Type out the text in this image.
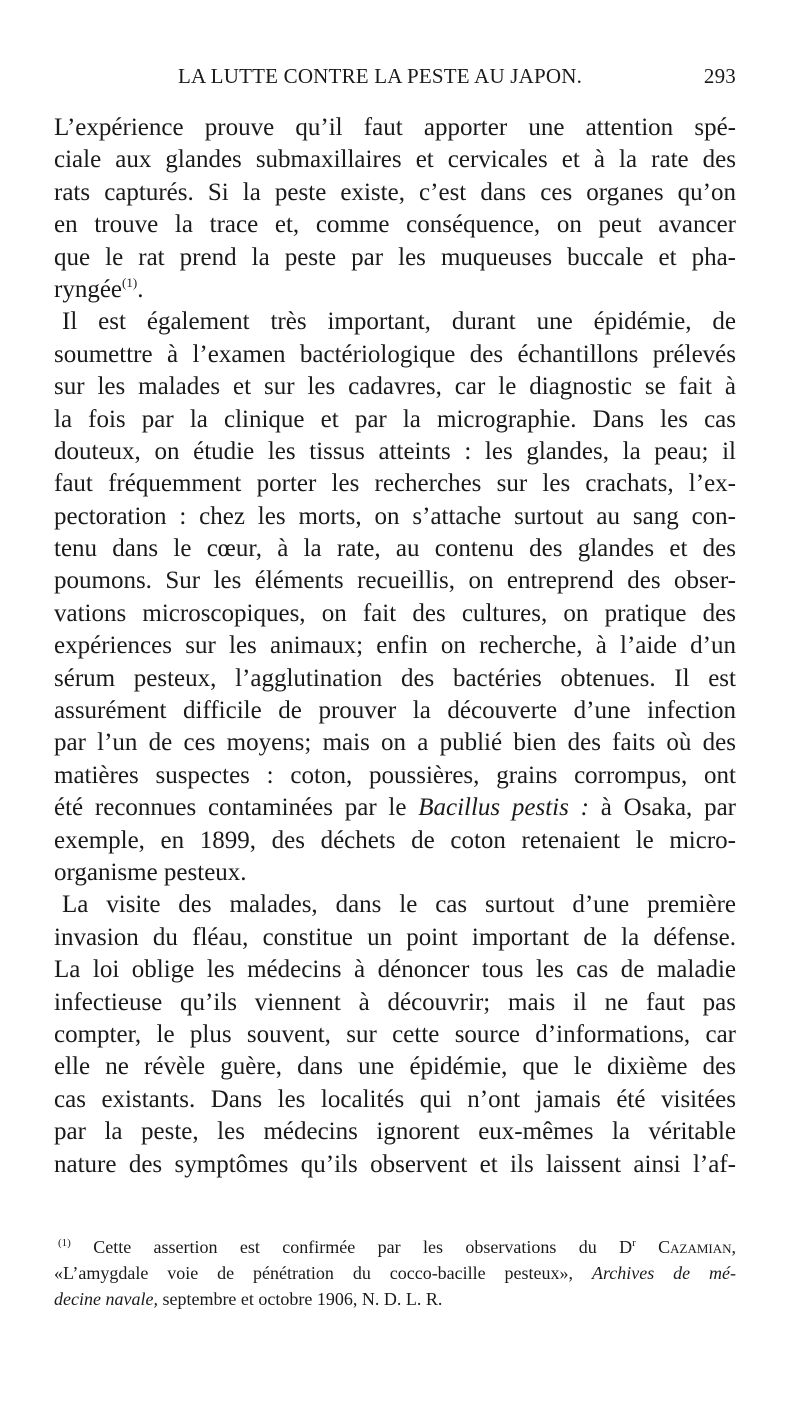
LA LUTTE CONTRE LA PESTE AU JAPON.	293
L’expérience prouve qu’il faut apporter une attention spé-
ciale aux glandes submaxillaires et cervicales et à la rate des
rats capturés. Si la peste existe, c’est dans ces organes qu’on
en trouve la trace et, comme conséquence, on peut avancer
que le rat prend la peste par les muqueuses buccale et pha-
ryngée$^{(1)}$.
Il est également très important, durant une épidémie, de
soumettre à l’examen bactériologique des échantillons prélevés
sur les malades et sur les cadavres, car le diagnostic se fait à
la fois par la clinique et par la micrographie. Dans les cas
douteux, on étudie les tissus atteints : les glandes, la peau; il
faut fréquemment porter les recherches sur les crachats, l’ex-
pectoration : chez les morts, on s’attache surtout au sang con-
tenu dans le cœur, à la rate, au contenu des glandes et des
poumons. Sur les éléments recueillis, on entreprend des obser-
vations microscopiques, on fait des cultures, on pratique des
expériences sur les animaux; enfin on recherche, à l’aide d’un
sérum pesteux, l’agglutination des bactéries obtenues. Il est
assurément difficile de prouver la découverte d’une infection
par l’un de ces moyens; mais on a publié bien des faits où des
matières suspectes : coton, poussières, grains corrompus, ont
été reconnues contaminées par le Bacillus pestis : à Osaka, par
exemple, en 1899, des déchets de coton retenaient le micro-
organisme pesteux.
La visite des malades, dans le cas surtout d’une première
invasion du fléau, constitue un point important de la défense.
La loi oblige les médecins à dénoncer tous les cas de maladie
infectieuse qu’ils viennent à découvrir; mais il ne faut pas
compter, le plus souvent, sur cette source d’informations, car
elle ne révèle guère, dans une épidémie, que le dixième des
cas existants. Dans les localités qui n’ont jamais été visitées
par la peste, les médecins ignorent eux-mêmes la véritable
nature des symptômes qu’ils observent et ils laissent ainsi l’af-
$^{(1)}$ Cette assertion est confirmée par les observations du $D^r$ Cazamian,
«L’amygdale voie de pénétration du cocco-bacille pesteux», Archives de mé-
decine navale, septembre et octobre 1906, N. D. L. R.
